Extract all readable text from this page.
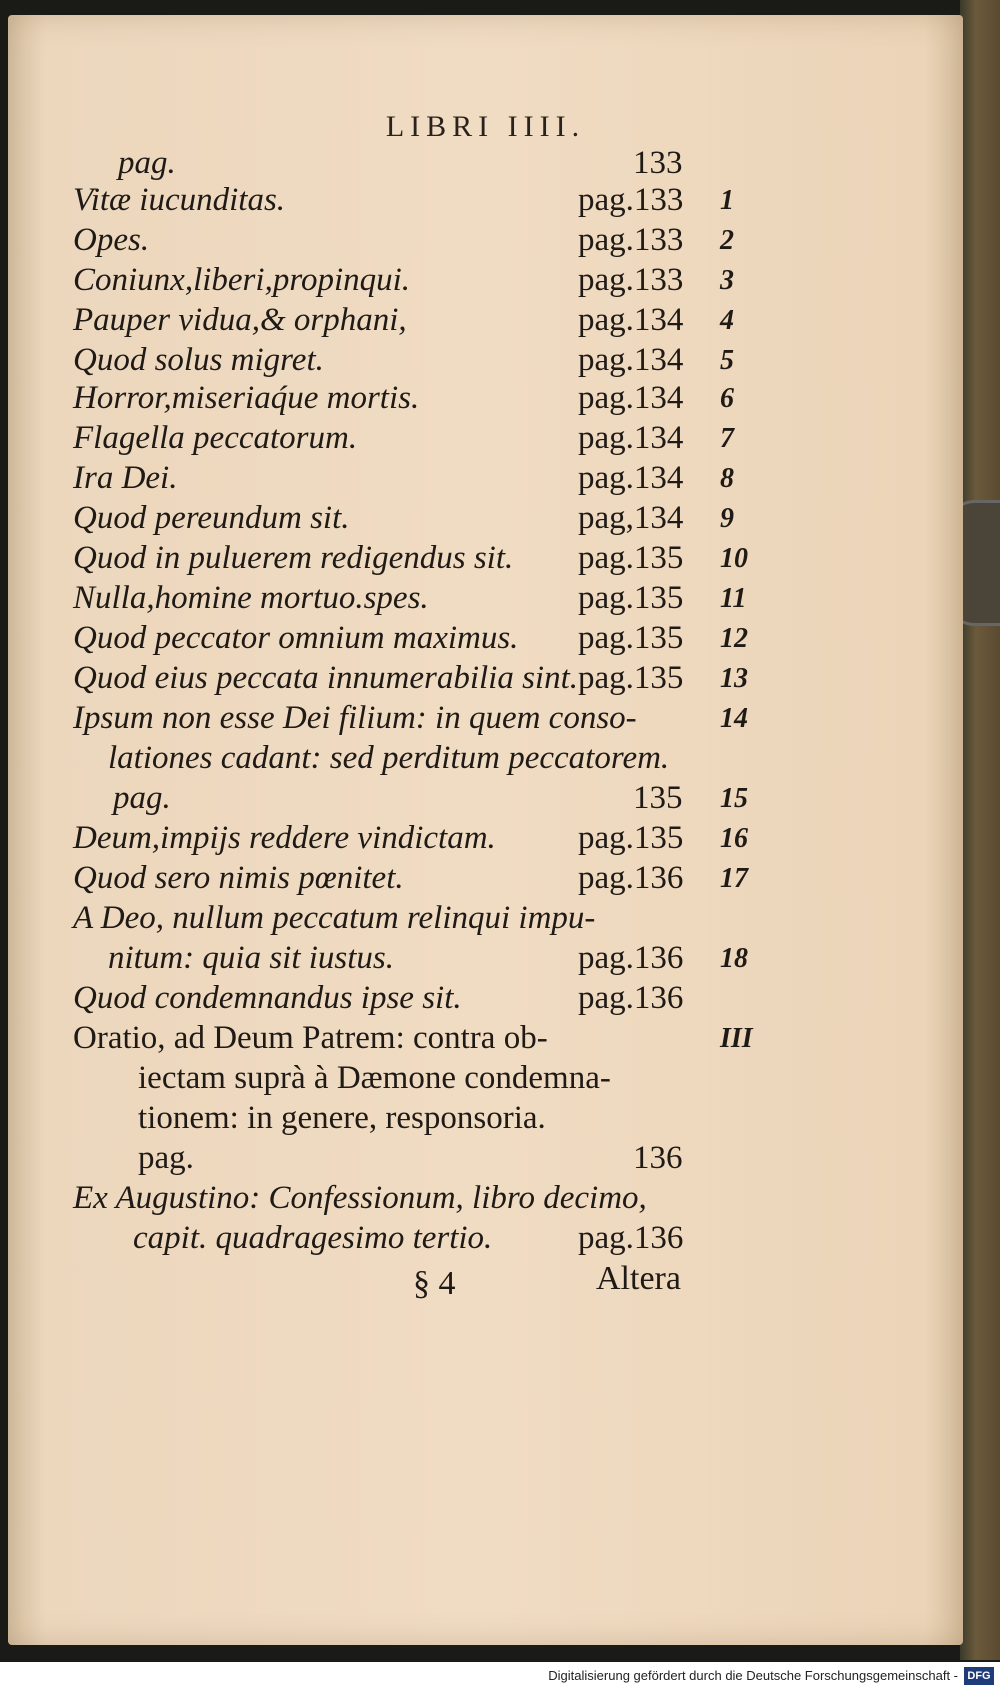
LIBRI IIII.
pag.	133
Vitæ iucunditas.	pag.133 1
Opes.	pag.133 2
Coniunx,liberi,propinqui.	pag.133 3
Pauper vidua,& orphani,	pag.134 4
Quod solus migret.	pag.134 5
Horror,miseriaq́ue mortis.	pag.134 6
Flagella peccatorum.	pag.134 7
Ira Dei.	pag.134 8
Quod pereundum sit.	pag,134 9
Quod in puluerem redigendus sit. pag.135 10
Nulla,homine mortuo.spes.	pag.135 11
Quod peccator omnium maximus. pag.135 12
Quod eius peccata innumerabilia sint. pag.135 13
Ipsum non esse Dei filium: in quem conso-	14
lationes cadant: sed perditum peccatorem.
pag.	135 15
Deum,impijs reddere vindictam. pag.135 16
Quod sero nimis pœnitet.	pag.136 17
A Deo, nullum peccatum relinqui impu-
nitum: quia sit iustus.	pag.136 18
Quod condemnandus ipse sit.	pag.136
Oratio, ad Deum Patrem: contra ob-	III
iectam suprà à Dæmone condemna-
tionem: in genere, responsoria.
pag.	136
Ex Augustino: Confessionum, libro decimo,
capit. quadragesimo tertio.	pag.136
§ 4	Altera
Digitalisierung gefördert durch die Deutsche Forschungsgemeinschaft - DFG
